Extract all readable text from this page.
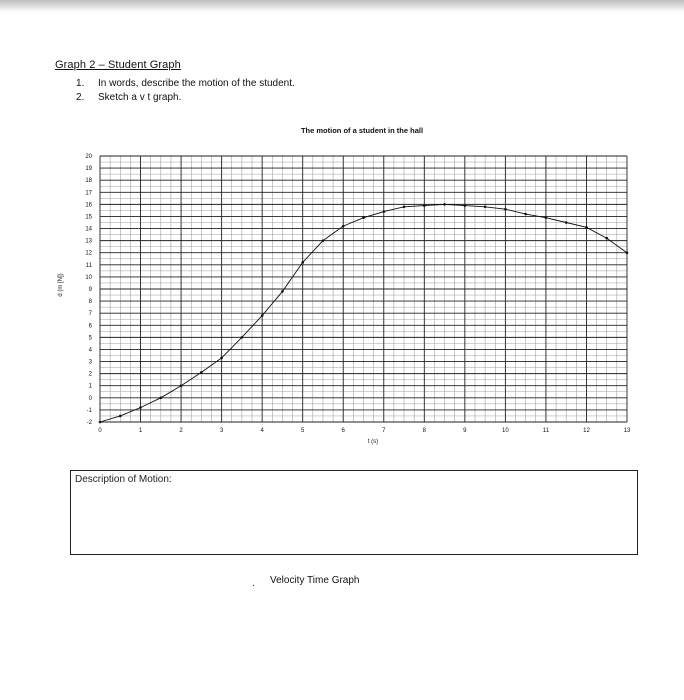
Graph 2 – Student Graph
1. In words, describe the motion of the student.
2. Sketch a v t graph.
The motion of a student in the hall
20
19
18
17
16
15
14
13
12
11
10
9
8
7
6
5
4
3
2
1
0
-1
-2
0	1	2	3	4	5	6	7	8	9	10	11	12	13
t (s)
d (m [N])
Description of Motion:
. Velocity Time Graph
